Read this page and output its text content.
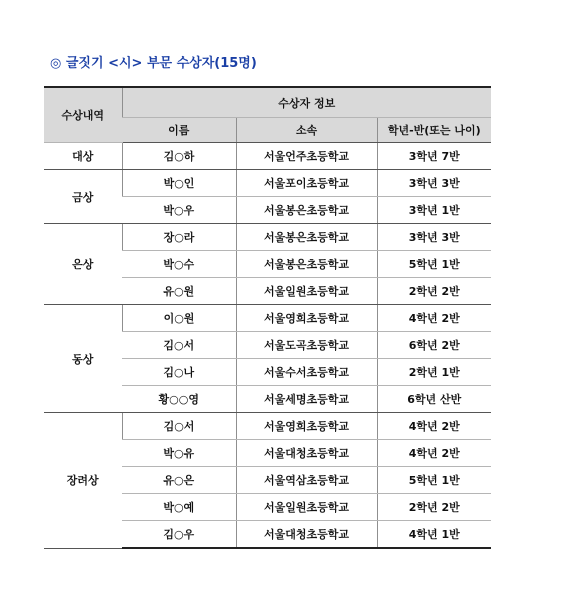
◎ 글짓기 <시> 부문 수상자(15명)
수상내역	수상자 정보		
	이름	소속	학년-반(또는 나이)
대상	김○하	서울언주초등학교	3학년 7반
금상	박○인	서울포이초등학교	3학년 3반
	박○우	서울봉은초등학교	3학년 1반
은상	장○라	서울봉은초등학교	3학년 3반
	박○수	서울봉은초등학교	5학년 1반
	유○원	서울일원초등학교	2학년 2반
동상	이○원	서울영희초등학교	4학년 2반
	김○서	서울도곡초등학교	6학년 2반
	김○나	서울수서초등학교	2학년 1반
	황○○영	서울세명초등학교	6학년 산반
장려상	김○서	서울영희초등학교	4학년 2반
	박○유	서울대청초등학교	4학년 2반
	유○은	서울역삼초등학교	5학년 1반
	박○예	서울일원초등학교	2학년 2반
	김○우	서울대청초등학교	4학년 1반
